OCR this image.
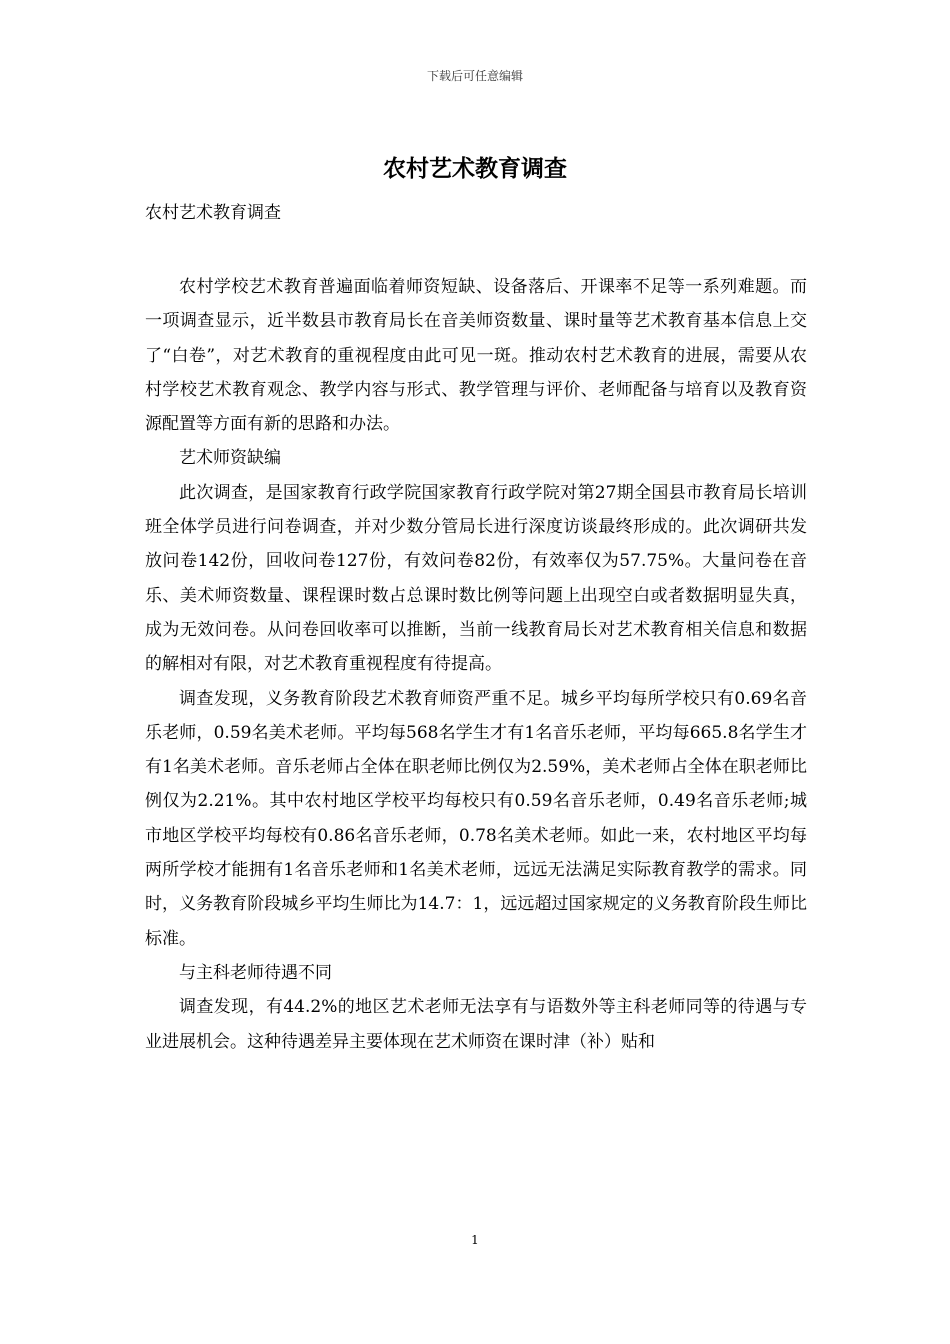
下载后可任意编辑
农村艺术教育调查
农村艺术教育调查

农村学校艺术教育普遍面临着师资短缺、设备落后、开课率不足等一系列难题。而一项调查显示，近半数县市教育局长在音美师资数量、课时量等艺术教育基本信息上交了“白卷”，对艺术教育的重视程度由此可见一斑。推动农村艺术教育的进展，需要从农村学校艺术教育观念、教学内容与形式、教学管理与评价、老师配备与培育以及教育资源配置等方面有新的思路和办法。

艺术师资缺编

此次调查，是国家教育行政学院国家教育行政学院对第27期全国县市教育局长培训班全体学员进行问卷调查，并对少数分管局长进行深度访谈最终形成的。此次调研共发放问卷142份，回收问卷127份，有效问卷82份，有效率仅为57.75%。大量问卷在音乐、美术师资数量、课程课时数占总课时数比例等问题上出现空白或者数据明显失真，成为无效问卷。从问卷回收率可以推断，当前一线教育局长对艺术教育相关信息和数据的解相对有限，对艺术教育重视程度有待提高。

调查发现，义务教育阶段艺术教育师资严重不足。城乡平均每所学校只有0.69名音乐老师，0.59名美术老师。平均每568名学生才有1名音乐老师，平均每665.8名学生才有1名美术老师。音乐老师占全体在职老师比例仅为2.59%，美术老师占全体在职老师比例仅为2.21%。其中农村地区学校平均每校只有0.59名音乐老师，0.49名音乐老师;城市地区学校平均每校有0.86名音乐老师，0.78名美术老师。如此一来，农村地区平均每两所学校才能拥有1名音乐老师和1名美术老师，远远无法满足实际教育教学的需求。同时，义务教育阶段城乡平均生师比为14.7：1，远远超过国家规定的义务教育阶段生师比标准。

与主科老师待遇不同

调查发现，有44.2%的地区艺术老师无法享有与语数外等主科老师同等的待遇与专业进展机会。这种待遇差异主要体现在艺术师资在课时津（补）贴和

1
